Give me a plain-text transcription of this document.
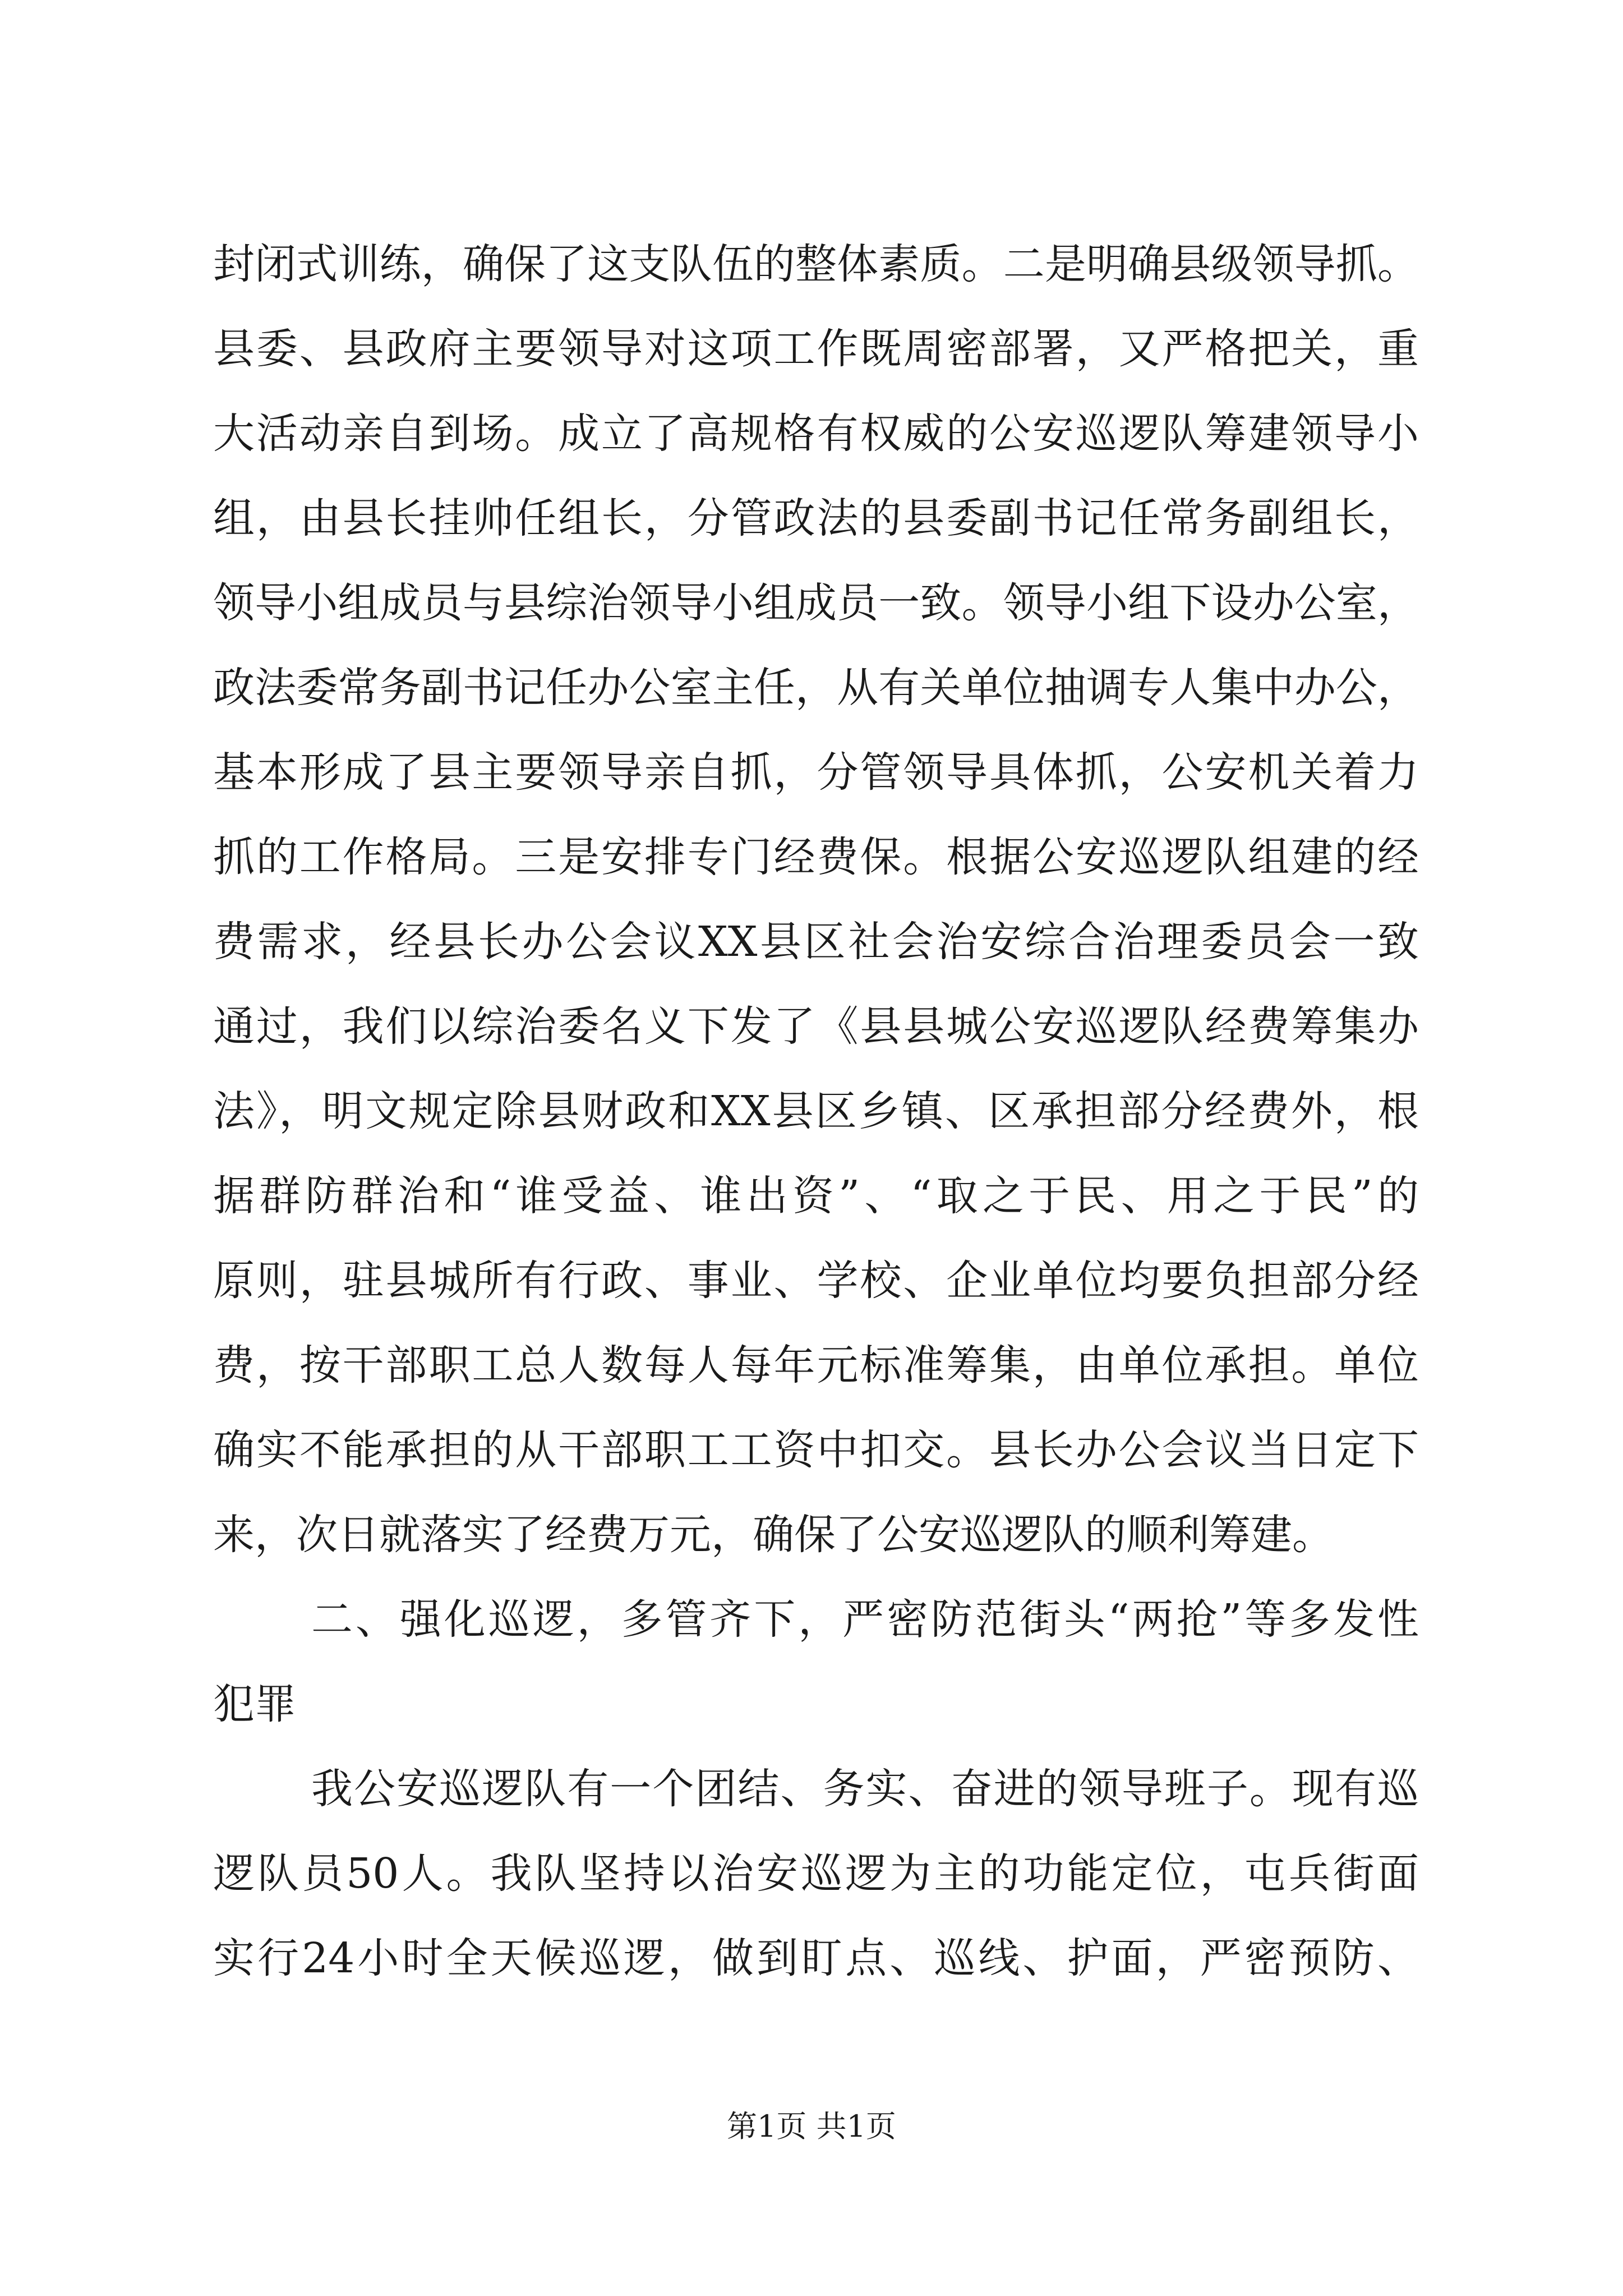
封闭式训练，确保了这支队伍的整体素质。二是明确县级领导抓。
县委、县政府主要领导对这项工作既周密部署，又严格把关，重
大活动亲自到场。成立了高规格有权威的公安巡逻队筹建领导小
组，由县长挂帅任组长，分管政法的县委副书记任常务副组长，
领导小组成员与县综治领导小组成员一致。领导小组下设办公室，
政法委常务副书记任办公室主任，从有关单位抽调专人集中办公，
基本形成了县主要领导亲自抓，分管领导具体抓，公安机关着力
抓的工作格局。三是安排专门经费保。根据公安巡逻队组建的经
费需求，经县长办公会议XX县区社会治安综合治理委员会一致
通过，我们以综治委名义下发了《县县城公安巡逻队经费筹集办
法》，明文规定除县财政和XX县区乡镇、区承担部分经费外，根
据群防群治和“谁受益、谁出资”、“取之于民、用之于民”的
原则，驻县城所有行政、事业、学校、企业单位均要负担部分经
费，按干部职工总人数每人每年元标准筹集，由单位承担。单位
确实不能承担的从干部职工工资中扣交。县长办公会议当日定下
来，次日就落实了经费万元，确保了公安巡逻队的顺利筹建。
二、强化巡逻，多管齐下，严密防范街头“两抢”等多发性
犯罪
我公安巡逻队有一个团结、务实、奋进的领导班子。现有巡
逻队员50人。我队坚持以治安巡逻为主的功能定位，屯兵街面
实行24小时全天候巡逻，做到盯点、巡线、护面，严密预防、
第1页 共1页
